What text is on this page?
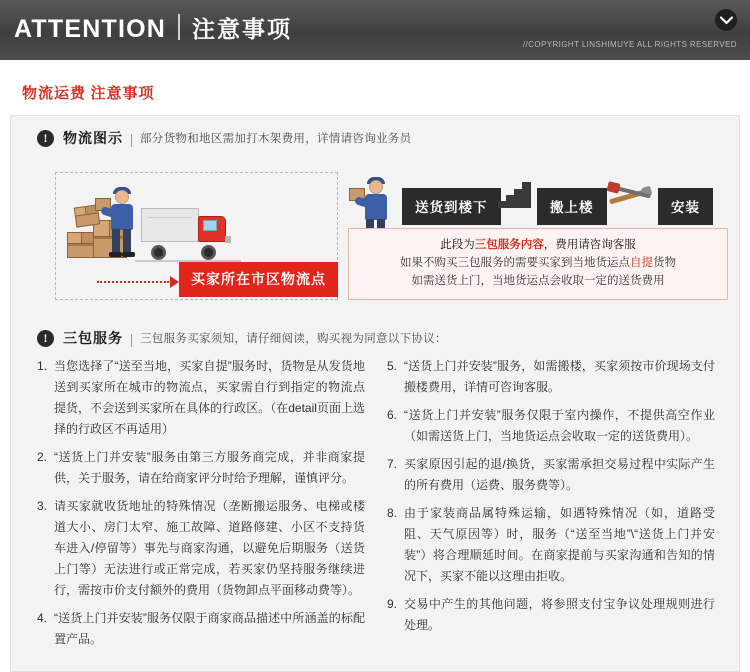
ATTENTION 注意事项
//COPYRIGHT LINSHIMUYE ALL RIGHTS RESERVED
物流运费 注意事项
!	物流图示 部分货物和地区需加打木架费用，详情请咨询业务员
买家所在市区物流点
送货到楼下	搬上楼	安装
此段为三包服务内容，费用请咨询客服
如果不购买三包服务的需要买家到当地货运点自提货物
如需送货上门，当地货运点会收取一定的送货费用
!	三包服务 三包服务买家须知，请仔细阅读，购买视为同意以下协议：
1. 当您选择了“送至当地，买家自提”服务时，货物是从发货地送到买家所在城市的物流点，买家需自行到指定的物流点提货，不会送到买家所在具体的行政区。（在detail页面上选择的行政区不再适用）
2. “送货上门并安装”服务由第三方服务商完成，并非商家提供，关于服务，请在给商家评分时给予理解，谨慎评分。
3. 请买家就收货地址的特殊情况（垄断搬运服务、电梯或楼道大小、房门太窄、施工故障、道路修建、小区不支持货车进入/停留等）事先与商家沟通，以避免后期服务（送货上门等）无法进行或正常完成，若买家仍坚持服务继续进行，需按市价支付额外的费用（货物卸点平面移动费等）。
4. “送货上门并安装”服务仅限于商家商品描述中所涵盖的标配置产品。
5. “送货上门并安装”服务，如需搬楼，买家须按市价现场支付搬楼费用，详情可咨询客服。
6. “送货上门并安装”服务仅限于室内操作，不提供高空作业（如需送货上门，当地货运点会收取一定的送货费用）。
7. 买家原因引起的退/换货，买家需承担交易过程中实际产生的所有费用（运费、服务费等）。
8. 由于家装商品属特殊运输，如遇特殊情况（如，道路受阻、天气原因等）时，服务（“送至当地”\“送货上门并安装”）将合理顺延时间。在商家提前与买家沟通和告知的情况下，买家不能以这理由拒收。
9. 交易中产生的其他问题，将参照支付宝争议处理规则进行处理。
